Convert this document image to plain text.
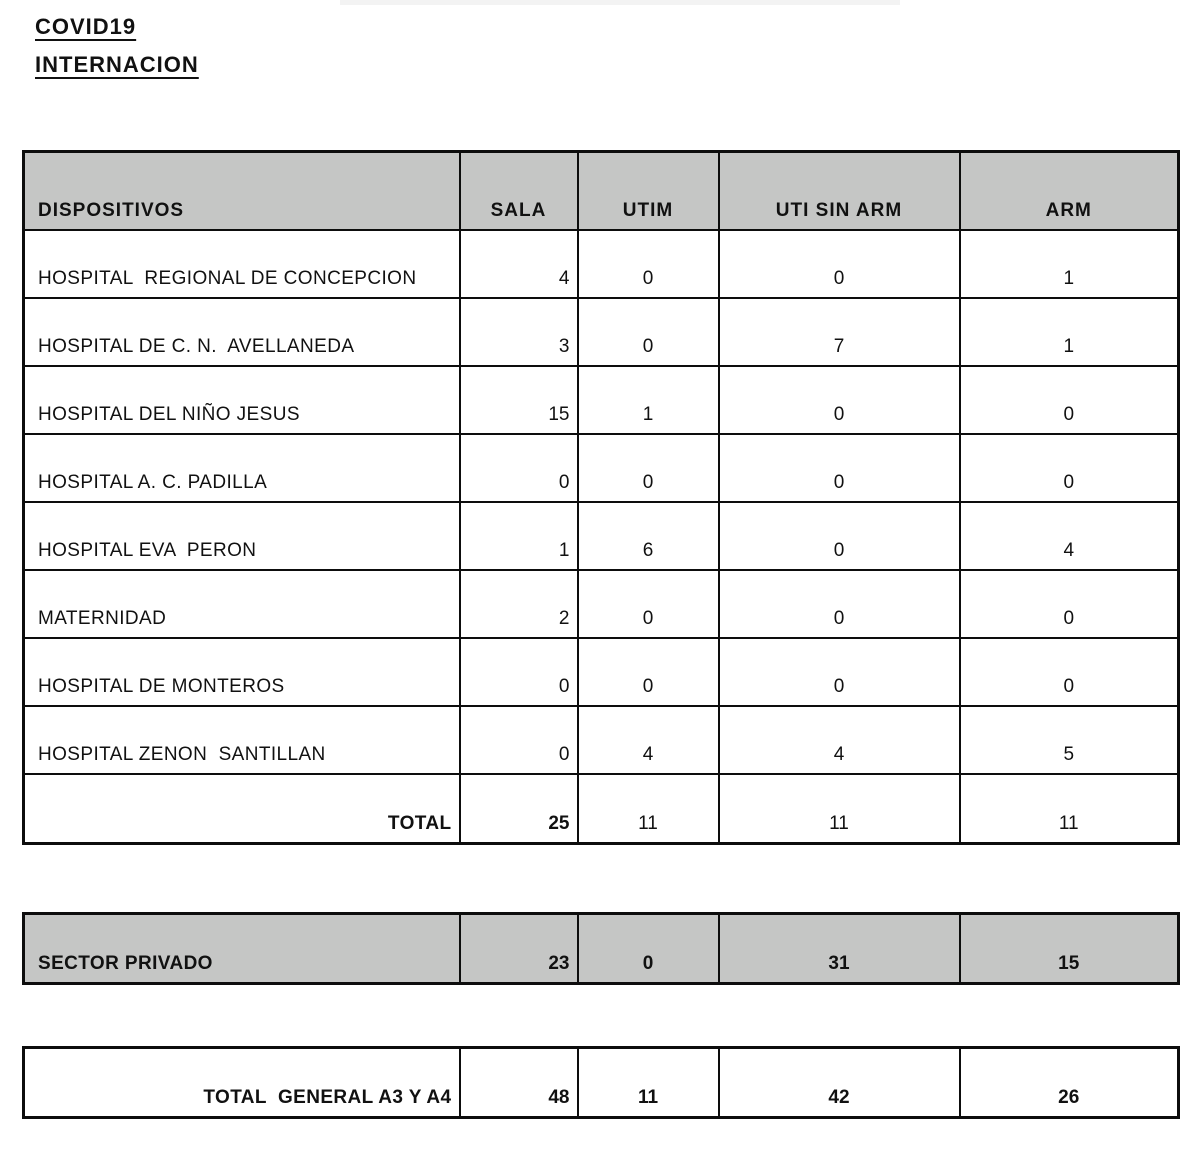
COVID19
INTERNACION
DISPOSITIVOS	SALA	UTIM	UTI SIN ARM	ARM
HOSPITAL  REGIONAL DE CONCEPCION	4	0	0	1
HOSPITAL DE C. N.  AVELLANEDA	3	0	7	1
HOSPITAL DEL NIÑO JESUS	15	1	0	0
HOSPITAL A. C. PADILLA	0	0	0	0
HOSPITAL EVA  PERON	1	6	0	4
MATERNIDAD	2	0	0	0
HOSPITAL DE MONTEROS	0	0	0	0
HOSPITAL ZENON  SANTILLAN	0	4	4	5
TOTAL	25	11	11	11
SECTOR PRIVADO	23	0	31	15
TOTAL  GENERAL A3 Y A4	48	11	42	26
